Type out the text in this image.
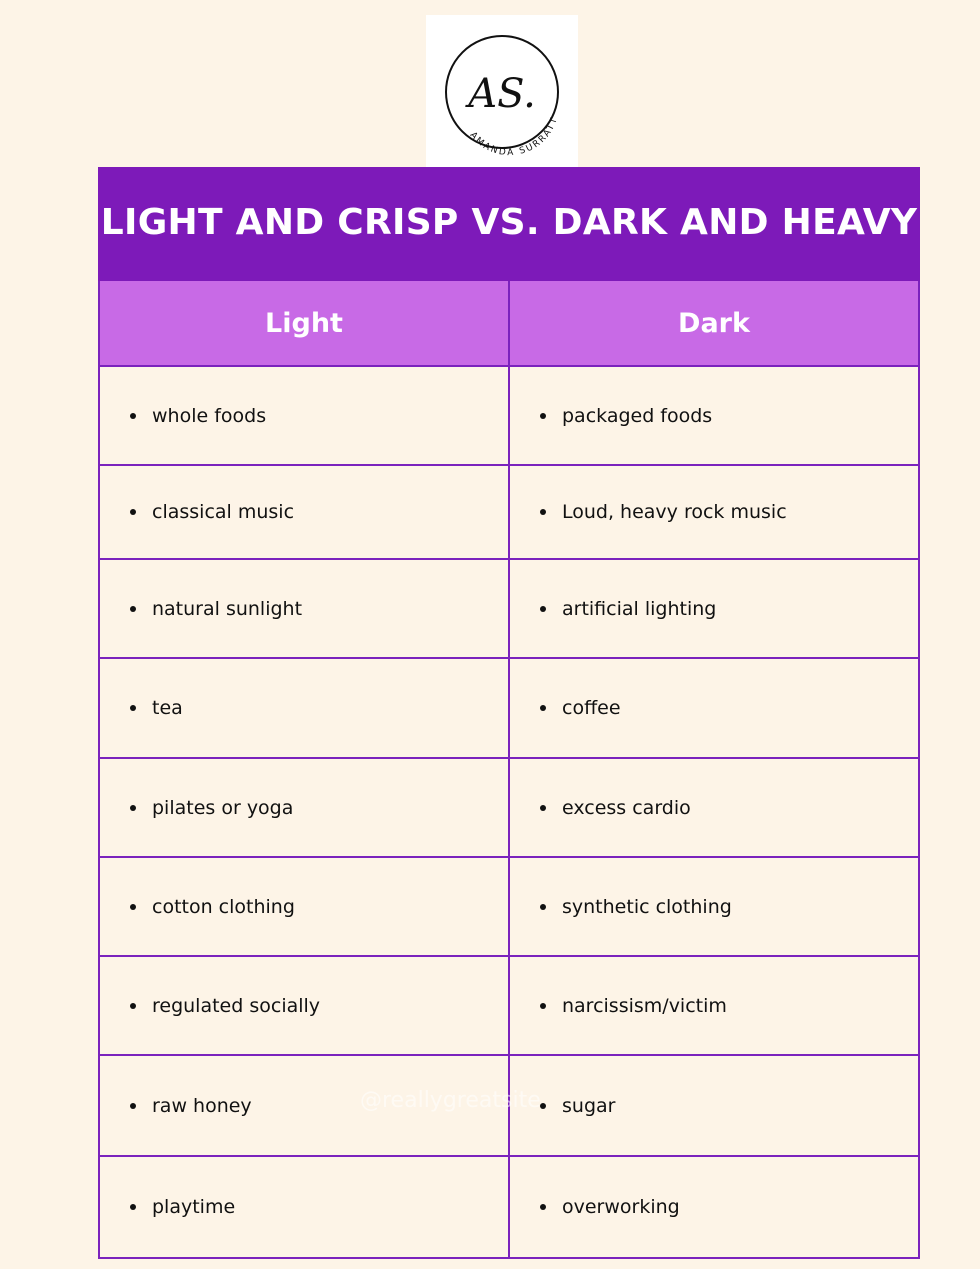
AMANDA SURRATT
AS.
LIGHT AND CRISP VS. DARK AND HEAVY
Light	Dark
whole foods	packaged foods
classical music	Loud, heavy rock music
natural sunlight	artificial lighting
tea	coffee
pilates or yoga	excess cardio
cotton clothing	synthetic clothing
regulated socially	narcissism/victim
raw honey	sugar
playtime	overworking
@reallygreatsite
